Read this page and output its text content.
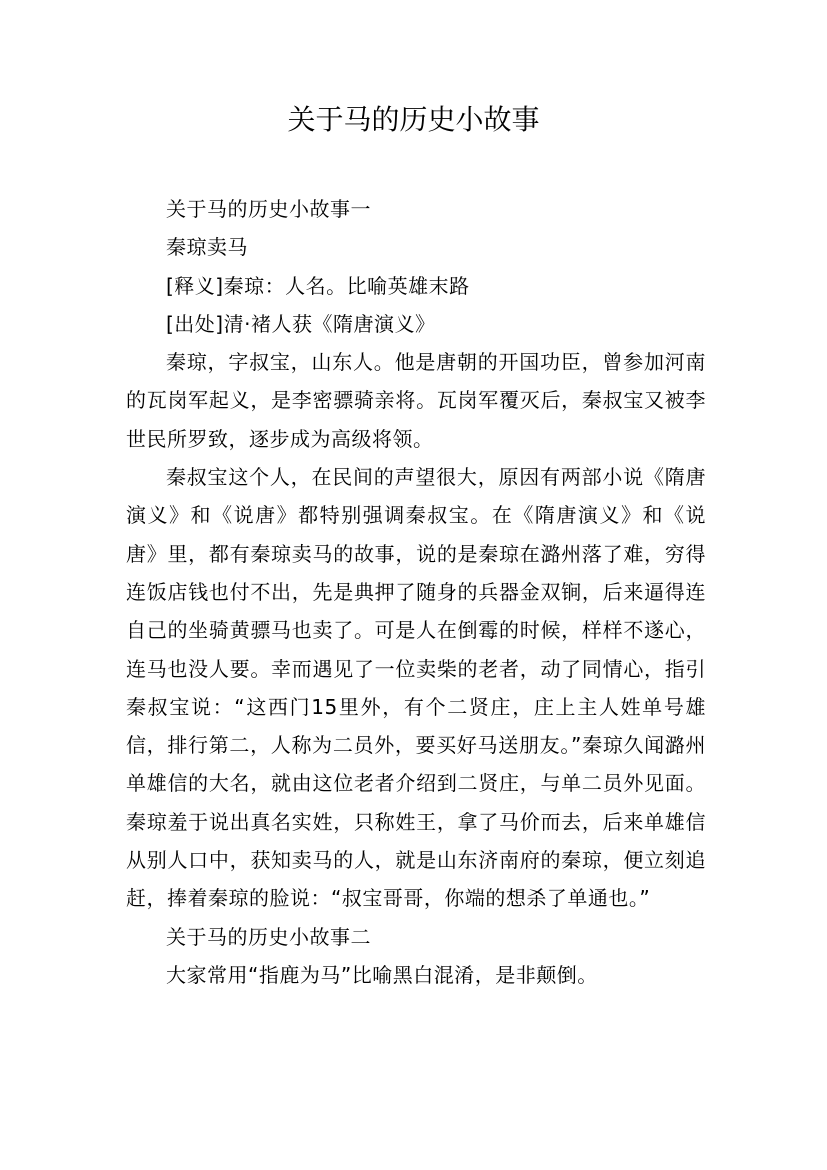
关于马的历史小故事

关于马的历史小故事一

秦琼卖马

[释义]秦琼：人名。比喻英雄末路

[出处]清·褚人获《隋唐演义》

秦琼，字叔宝，山东人。他是唐朝的开国功臣，曾参加河南的瓦岗军起义，是李密骠骑亲将。瓦岗军覆灭后，秦叔宝又被李世民所罗致，逐步成为高级将领。

秦叔宝这个人，在民间的声望很大，原因有两部小说《隋唐演义》和《说唐》都特别强调秦叔宝。在《隋唐演义》和《说唐》里，都有秦琼卖马的故事，说的是秦琼在潞州落了难，穷得连饭店钱也付不出，先是典押了随身的兵器金双锏，后来逼得连自己的坐骑黄骠马也卖了。可是人在倒霉的时候，样样不遂心，连马也没人要。幸而遇见了一位卖柴的老者，动了同情心，指引秦叔宝说：“这西门15里外，有个二贤庄，庄上主人姓单号雄信，排行第二，人称为二员外，要买好马送朋友。”秦琼久闻潞州单雄信的大名，就由这位老者介绍到二贤庄，与单二员外见面。秦琼羞于说出真名实姓，只称姓王，拿了马价而去，后来单雄信从别人口中，获知卖马的人，就是山东济南府的秦琼，便立刻追赶，捧着秦琼的脸说：“叔宝哥哥，你端的想杀了单通也。”

关于马的历史小故事二

大家常用“指鹿为马”比喻黑白混淆，是非颠倒。
